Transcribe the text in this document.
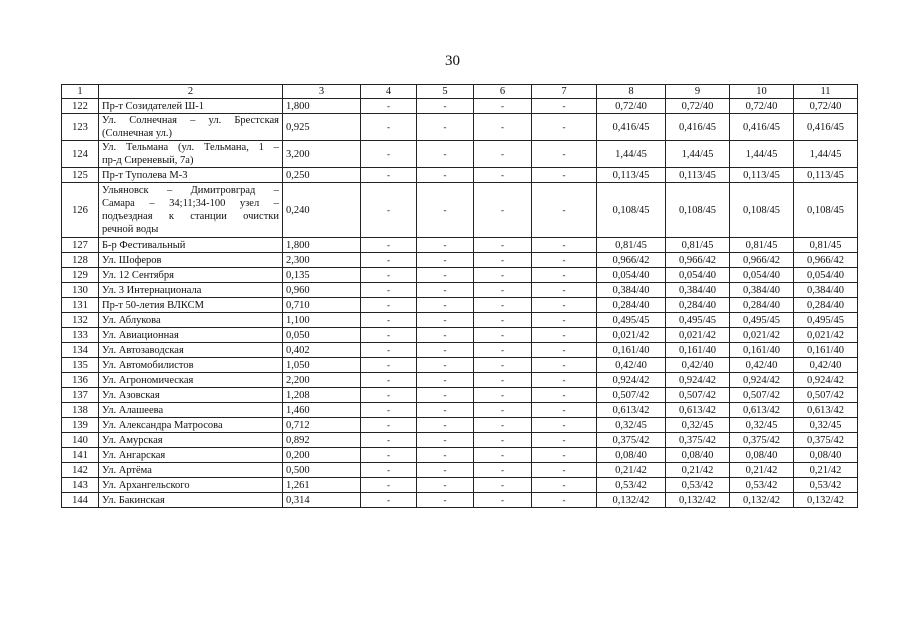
30
1	2	3	4	5	6	7	8	9	10	11
122	Пр-т Созидателей Ш-1	1,800	-	-	-	-	0,72/40	0,72/40	0,72/40	0,72/40
123	Ул. Солнечная – ул. Брестская
(Солнечная ул.)	0,925	-	-	-	-	0,416/45	0,416/45	0,416/45	0,416/45
124	Ул. Тельмана (ул. Тельмана, 1 –
пр-д Сиреневый, 7а)	3,200	-	-	-	-	1,44/45	1,44/45	1,44/45	1,44/45
125	Пр-т Туполева М-3	0,250	-	-	-	-	0,113/45	0,113/45	0,113/45	0,113/45
126	Ульяновск – Димитровград –
Самара – 34;11;34-100 узел –
подъездная к станции очистки
речной воды	0,240	-	-	-	-	0,108/45	0,108/45	0,108/45	0,108/45
127	Б-р Фестивальный	1,800	-	-	-	-	0,81/45	0,81/45	0,81/45	0,81/45
128	Ул. Шоферов	2,300	-	-	-	-	0,966/42	0,966/42	0,966/42	0,966/42
129	Ул. 12 Сентября	0,135	-	-	-	-	0,054/40	0,054/40	0,054/40	0,054/40
130	Ул. 3 Интернационала	0,960	-	-	-	-	0,384/40	0,384/40	0,384/40	0,384/40
131	Пр-т 50-летия ВЛКСМ	0,710	-	-	-	-	0,284/40	0,284/40	0,284/40	0,284/40
132	Ул. Аблукова	1,100	-	-	-	-	0,495/45	0,495/45	0,495/45	0,495/45
133	Ул. Авиационная	0,050	-	-	-	-	0,021/42	0,021/42	0,021/42	0,021/42
134	Ул. Автозаводская	0,402	-	-	-	-	0,161/40	0,161/40	0,161/40	0,161/40
135	Ул. Автомобилистов	1,050	-	-	-	-	0,42/40	0,42/40	0,42/40	0,42/40
136	Ул. Агрономическая	2,200	-	-	-	-	0,924/42	0,924/42	0,924/42	0,924/42
137	Ул. Азовская	1,208	-	-	-	-	0,507/42	0,507/42	0,507/42	0,507/42
138	Ул. Алашеева	1,460	-	-	-	-	0,613/42	0,613/42	0,613/42	0,613/42
139	Ул. Александра Матросова	0,712	-	-	-	-	0,32/45	0,32/45	0,32/45	0,32/45
140	Ул. Амурская	0,892	-	-	-	-	0,375/42	0,375/42	0,375/42	0,375/42
141	Ул. Ангарская	0,200	-	-	-	-	0,08/40	0,08/40	0,08/40	0,08/40
142	Ул. Артёма	0,500	-	-	-	-	0,21/42	0,21/42	0,21/42	0,21/42
143	Ул. Архангельского	1,261	-	-	-	-	0,53/42	0,53/42	0,53/42	0,53/42
144	Ул. Бакинская	0,314	-	-	-	-	0,132/42	0,132/42	0,132/42	0,132/42
